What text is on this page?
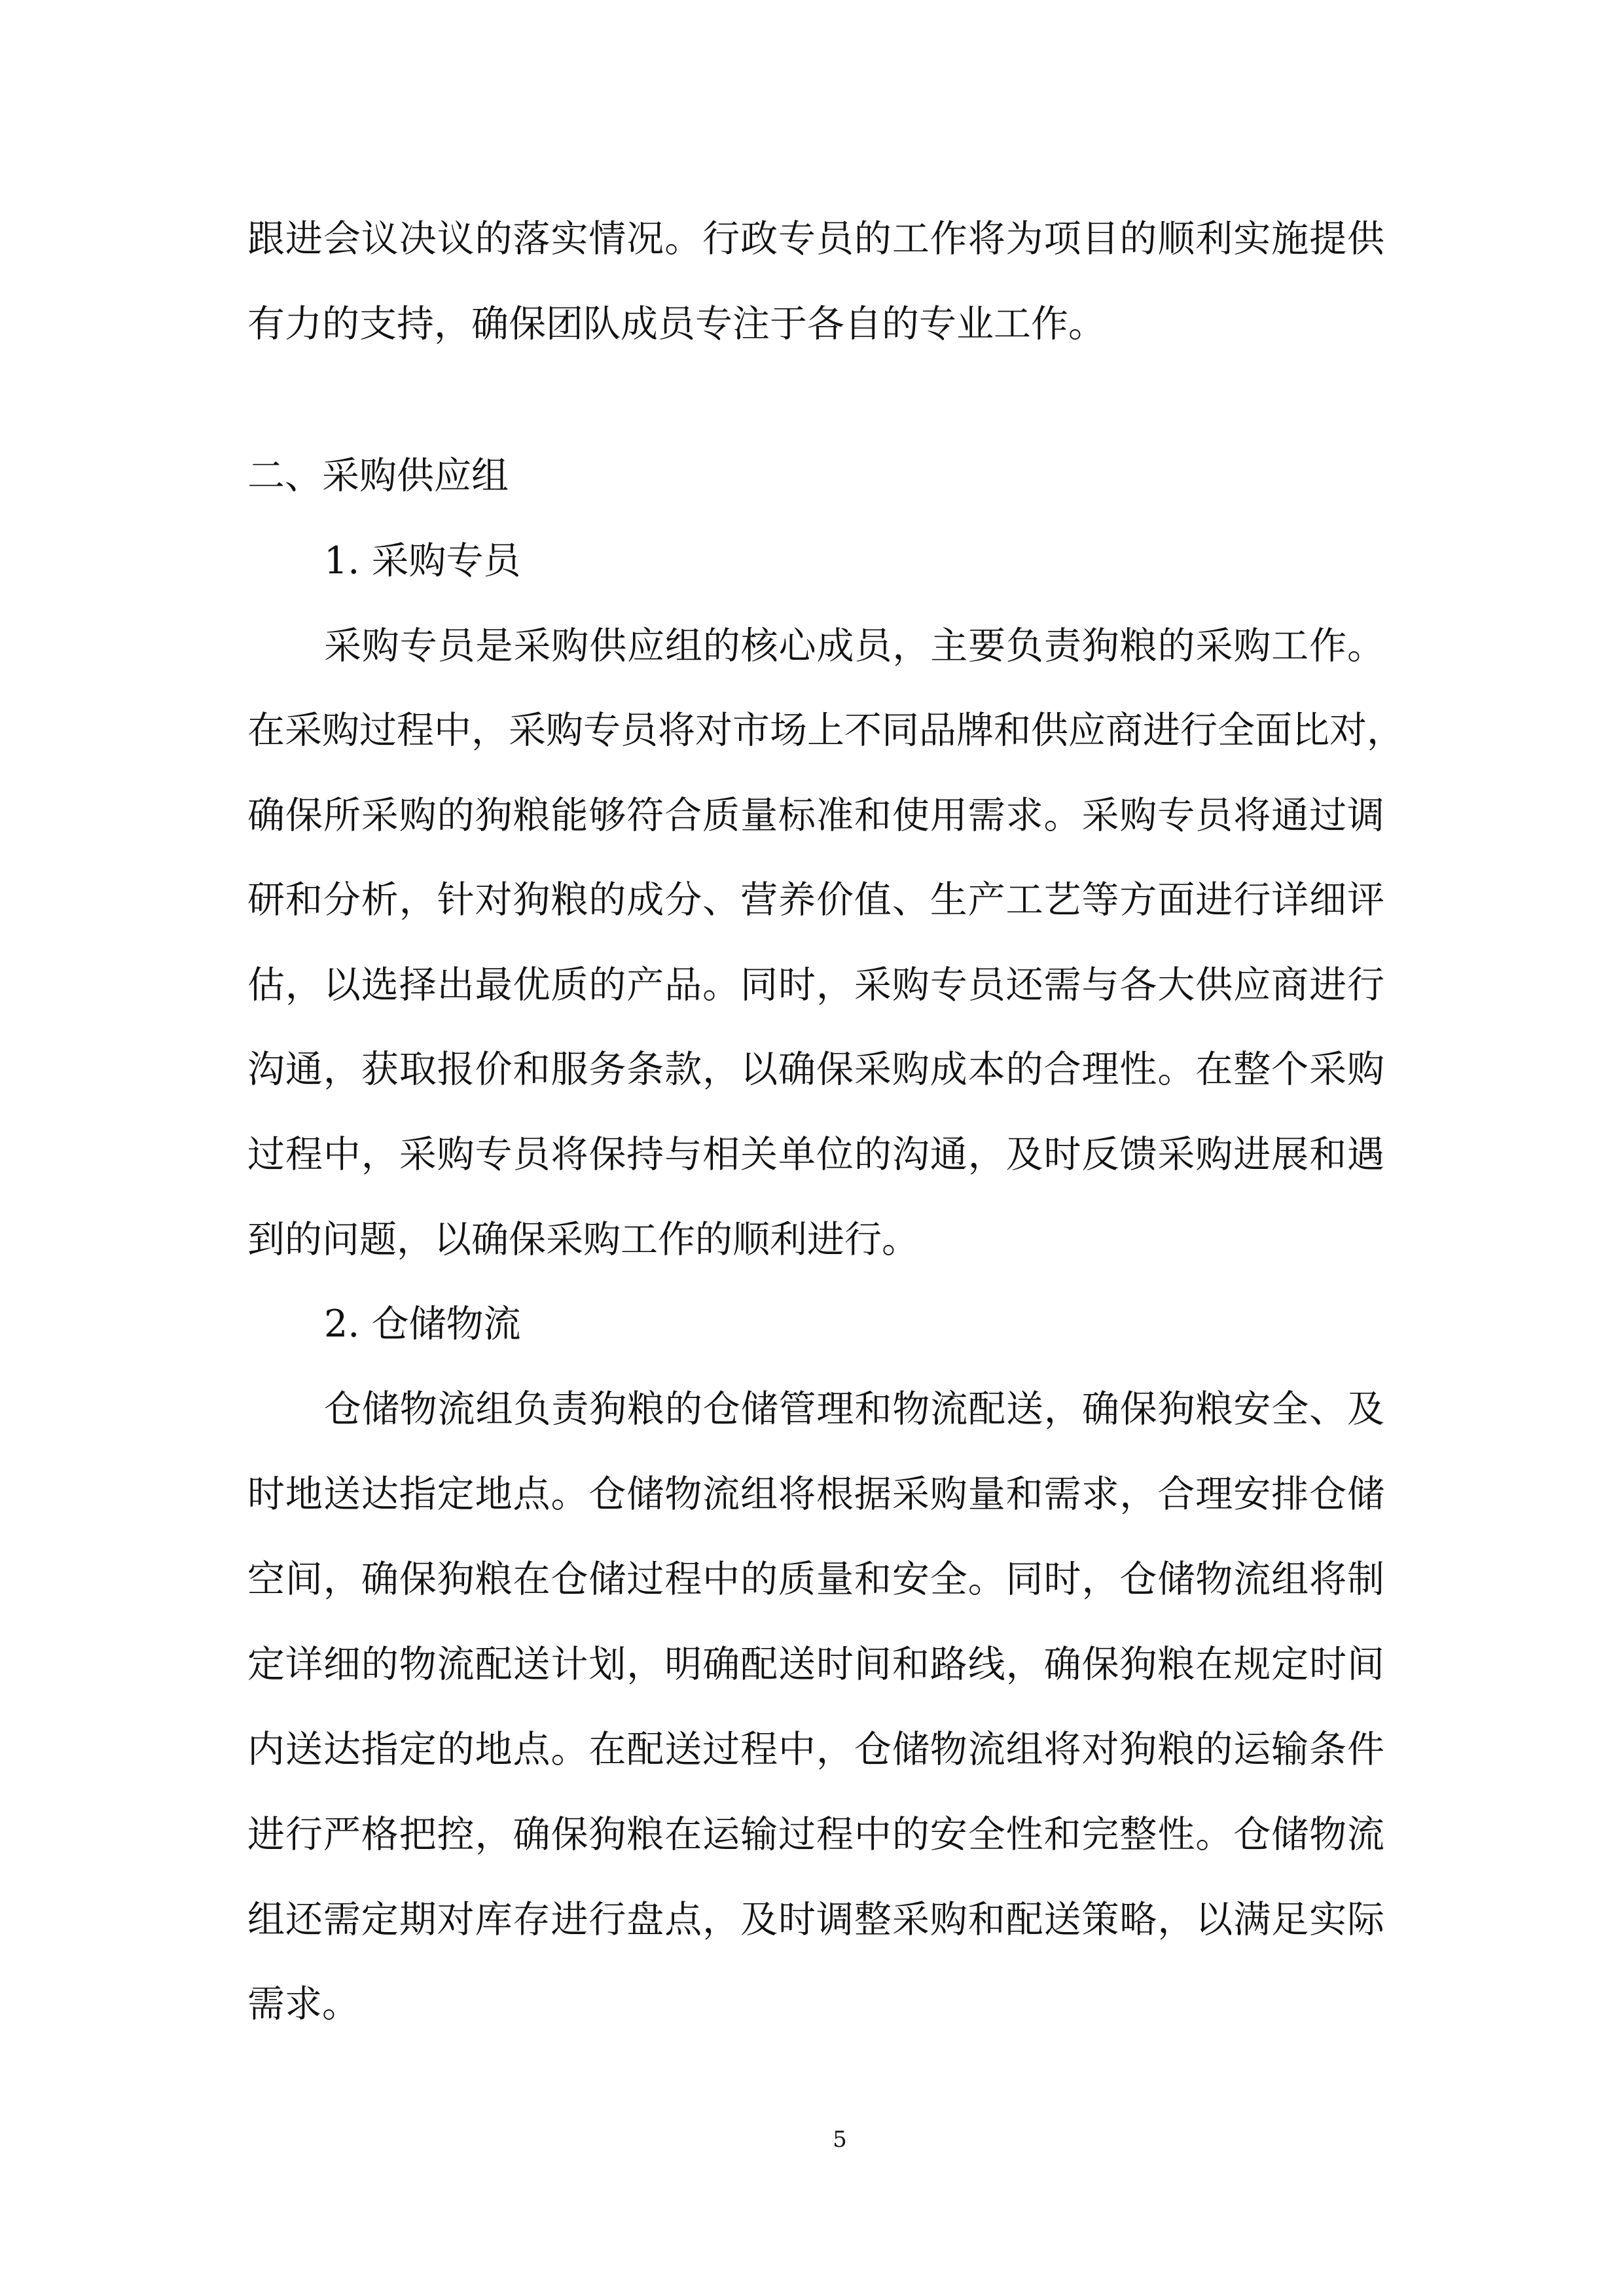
跟进会议决议的落实情况。行政专员的工作将为项目的顺利实施提供
有力的支持，确保团队成员专注于各自的专业工作。
二、采购供应组
1. 采购专员
采购专员是采购供应组的核心成员，主要负责狗粮的采购工作。
在采购过程中，采购专员将对市场上不同品牌和供应商进行全面比对，
确保所采购的狗粮能够符合质量标准和使用需求。采购专员将通过调
研和分析，针对狗粮的成分、营养价值、生产工艺等方面进行详细评
估，以选择出最优质的产品。同时，采购专员还需与各大供应商进行
沟通，获取报价和服务条款，以确保采购成本的合理性。在整个采购
过程中，采购专员将保持与相关单位的沟通，及时反馈采购进展和遇
到的问题，以确保采购工作的顺利进行。
2. 仓储物流
仓储物流组负责狗粮的仓储管理和物流配送，确保狗粮安全、及
时地送达指定地点。仓储物流组将根据采购量和需求，合理安排仓储
空间，确保狗粮在仓储过程中的质量和安全。同时，仓储物流组将制
定详细的物流配送计划，明确配送时间和路线，确保狗粮在规定时间
内送达指定的地点。在配送过程中，仓储物流组将对狗粮的运输条件
进行严格把控，确保狗粮在运输过程中的安全性和完整性。仓储物流
组还需定期对库存进行盘点，及时调整采购和配送策略，以满足实际
需求。
5
